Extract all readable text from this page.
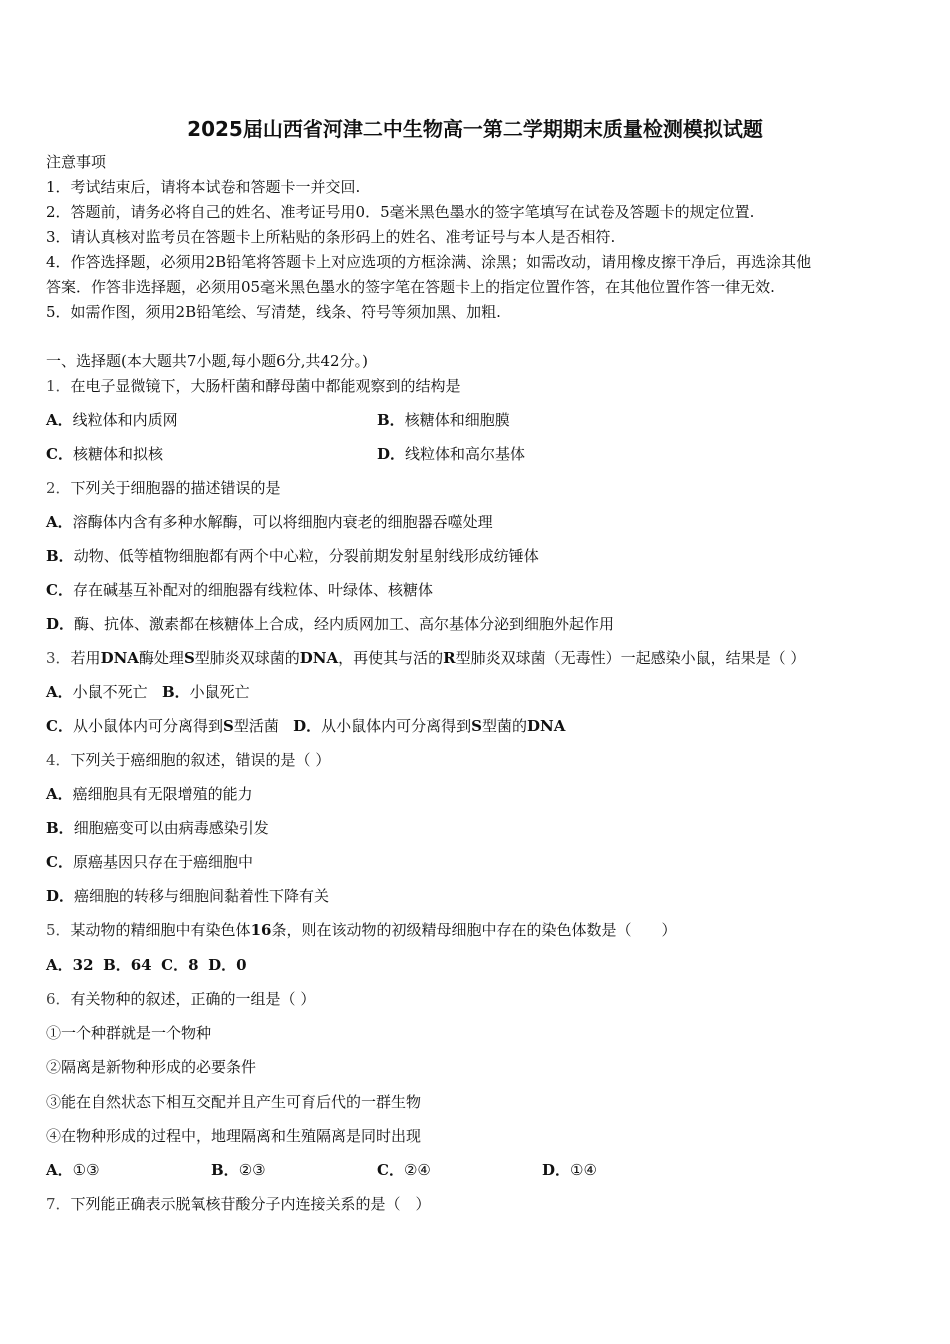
2025届山西省河津二中生物高一第二学期期末质量检测模拟试题
注意事项
1．考试结束后，请将本试卷和答题卡一并交回.
2．答题前，请务必将自己的姓名、准考证号用0．5毫米黑色墨水的签字笔填写在试卷及答题卡的规定位置.
3．请认真核对监考员在答题卡上所粘贴的条形码上的姓名、准考证号与本人是否相符.
4．作答选择题，必须用2B铅笔将答题卡上对应选项的方框涂满、涂黑；如需改动，请用橡皮擦干净后，再选涂其他
答案．作答非选择题，必须用05毫米黑色墨水的签字笔在答题卡上的指定位置作答，在其他位置作答一律无效.
5．如需作图，须用2B铅笔绘、写清楚，线条、符号等须加黑、加粗.
一、选择题(本大题共7小题,每小题6分,共42分。)
1．在电子显微镜下，大肠杆菌和酵母菌中都能观察到的结构是
A．线粒体和内质网	B．核糖体和细胞膜
C．核糖体和拟核	D．线粒体和高尔基体
2．下列关于细胞器的描述错误的是
A．溶酶体内含有多种水解酶，可以将细胞内衰老的细胞器吞噬处理
B．动物、低等植物细胞都有两个中心粒，分裂前期发射星射线形成纺锤体
C．存在碱基互补配对的细胞器有线粒体、叶绿体、核糖体
D．酶、抗体、激素都在核糖体上合成，经内质网加工、高尔基体分泌到细胞外起作用
3．若用DNA酶处理S型肺炎双球菌的DNA，再使其与活的R型肺炎双球菌（无毒性）一起感染小鼠，结果是（ ）
A．小鼠不死亡 B．小鼠死亡
C．从小鼠体内可分离得到S型活菌 D．从小鼠体内可分离得到S型菌的DNA
4．下列关于癌细胞的叙述，错误的是（ ）
A．癌细胞具有无限增殖的能力
B．细胞癌变可以由病毒感染引发
C．原癌基因只存在于癌细胞中
D．癌细胞的转移与细胞间黏着性下降有关
5．某动物的精细胞中有染色体16条，则在该动物的初级精母细胞中存在的染色体数是（　　）
A．32 B．64 C．8 D．0
6．有关物种的叙述，正确的一组是（ ）
①一个种群就是一个物种
②隔离是新物种形成的必要条件
③能在自然状态下相互交配并且产生可育后代的一群生物
④在物种形成的过程中，地理隔离和生殖隔离是同时出现
A．①③	B．②③	C．②④	D．①④
7．下列能正确表示脱氧核苷酸分子内连接关系的是（　）
